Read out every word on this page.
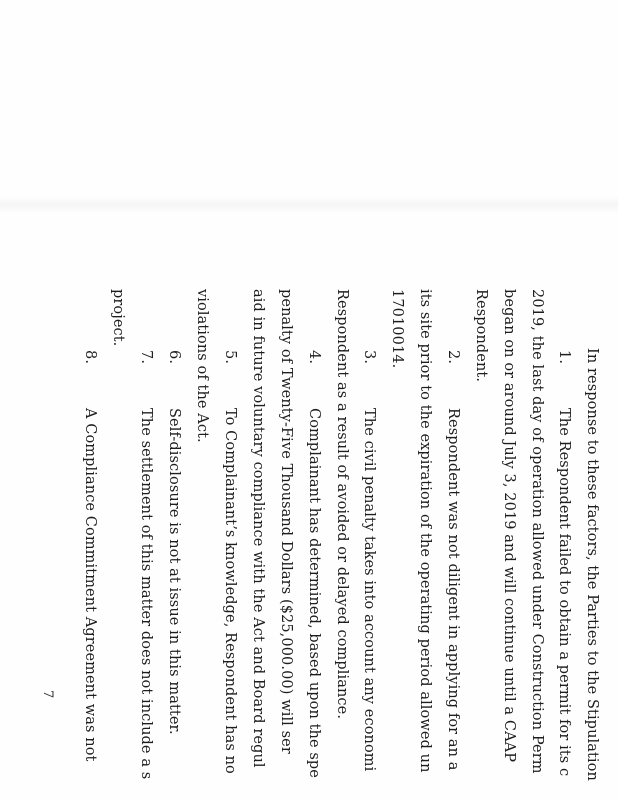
In response to these factors, the Parties to the Stipulation
1.
The Respondent failed to obtain a permit for its c
2019, the last day of operation allowed under Construction Perm
began on or around July 3, 2019 and will continue until a CAAP
Respondent.
2.
Respondent was not diligent in applying for an a
its site prior to the expiration of the operating period allowed un
17010014.
3.
The civil penalty takes into account any economi
Respondent as a result of avoided or delayed compliance.
4.
Complainant has determined, based upon the spe
penalty of Twenty-Five Thousand Dollars ($25,000.00) will ser
aid in future voluntary compliance with the Act and Board regul
5.
To Complainant’s knowledge, Respondent has no
violations of the Act.
6.
Self-disclosure is not at issue in this matter.
7.
The settlement of this matter does not include a s
project.
8.
A Compliance Commitment Agreement was not
7
